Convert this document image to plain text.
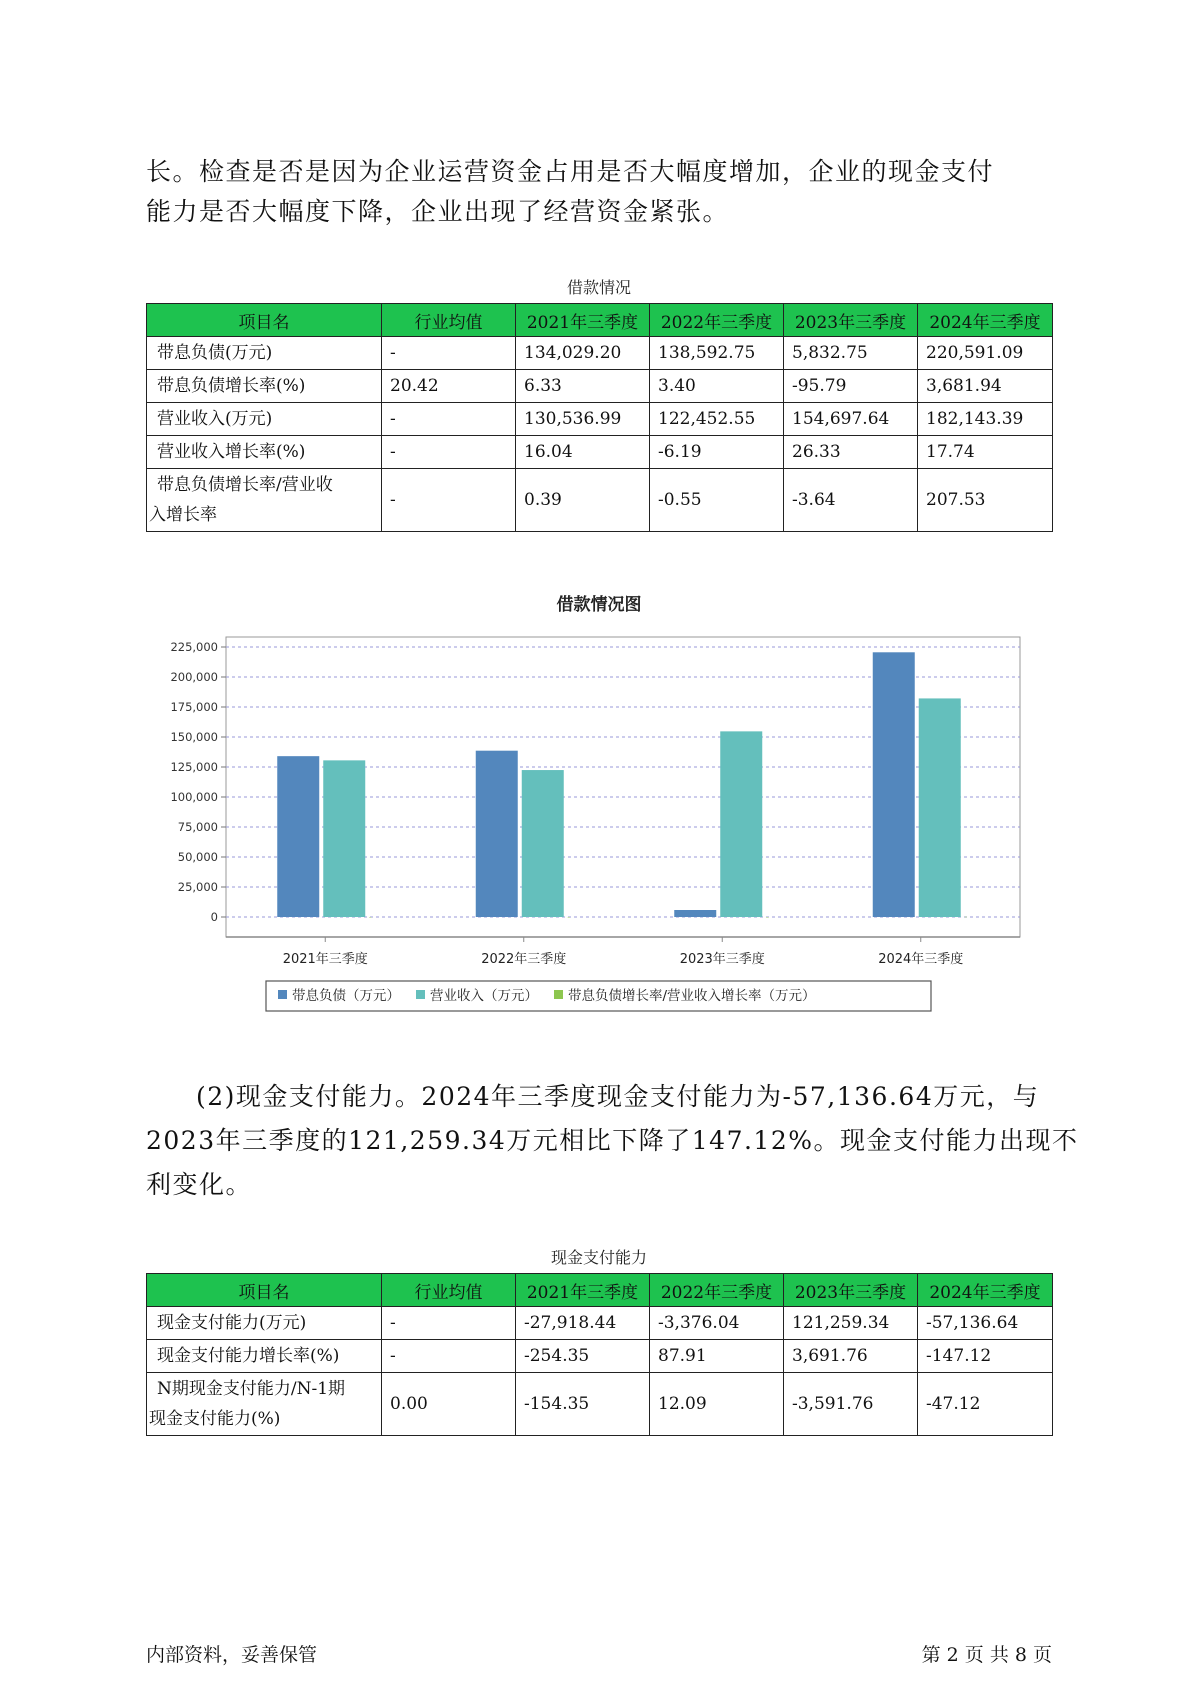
长。检查是否是因为企业运营资金占用是否大幅度增加，企业的现金支付
能力是否大幅度下降，企业出现了经营资金紧张。

借款情况
项目名	行业均值	2021年三季度	2022年三季度	2023年三季度	2024年三季度
带息负债(万元)	-	134,029.20	138,592.75	5,832.75	220,591.09
带息负债增长率(%)	20.42	6.33	3.40	-95.79	3,681.94
营业收入(万元)	-	130,536.99	122,452.55	154,697.64	182,143.39
营业收入增长率(%)	-	16.04	-6.19	26.33	17.74

带息负债增长率/营业收
入增长率	-	0.39	-0.55	-3.64	207.53
借款情况图
0
25,000
50,000
75,000
100,000
125,000
150,000
175,000
200,000
225,000
2021年三季度	2022年三季度	2023年三季度	2024年三季度
带息负债（万元） 营业收入（万元） 带息负债增长率/营业收入增长率（万元）

(2)现金支付能力。2024年三季度现金支付能力为-57,136.64万元，与
2023年三季度的121,259.34万元相比下降了147.12%。现金支付能力出现不
利变化。

现金支付能力
项目名	行业均值	2021年三季度	2022年三季度	2023年三季度	2024年三季度
现金支付能力(万元)	-	-27,918.44	-3,376.04	121,259.34	-57,136.64
现金支付能力增长率(%)	-	-254.35	87.91	3,691.76	-147.12

N期现金支付能力/N-1期
现金支付能力(%)	0.00	-154.35	12.09	-3,591.76	-47.12
内部资料，妥善保管	第 2 页 共 8 页
